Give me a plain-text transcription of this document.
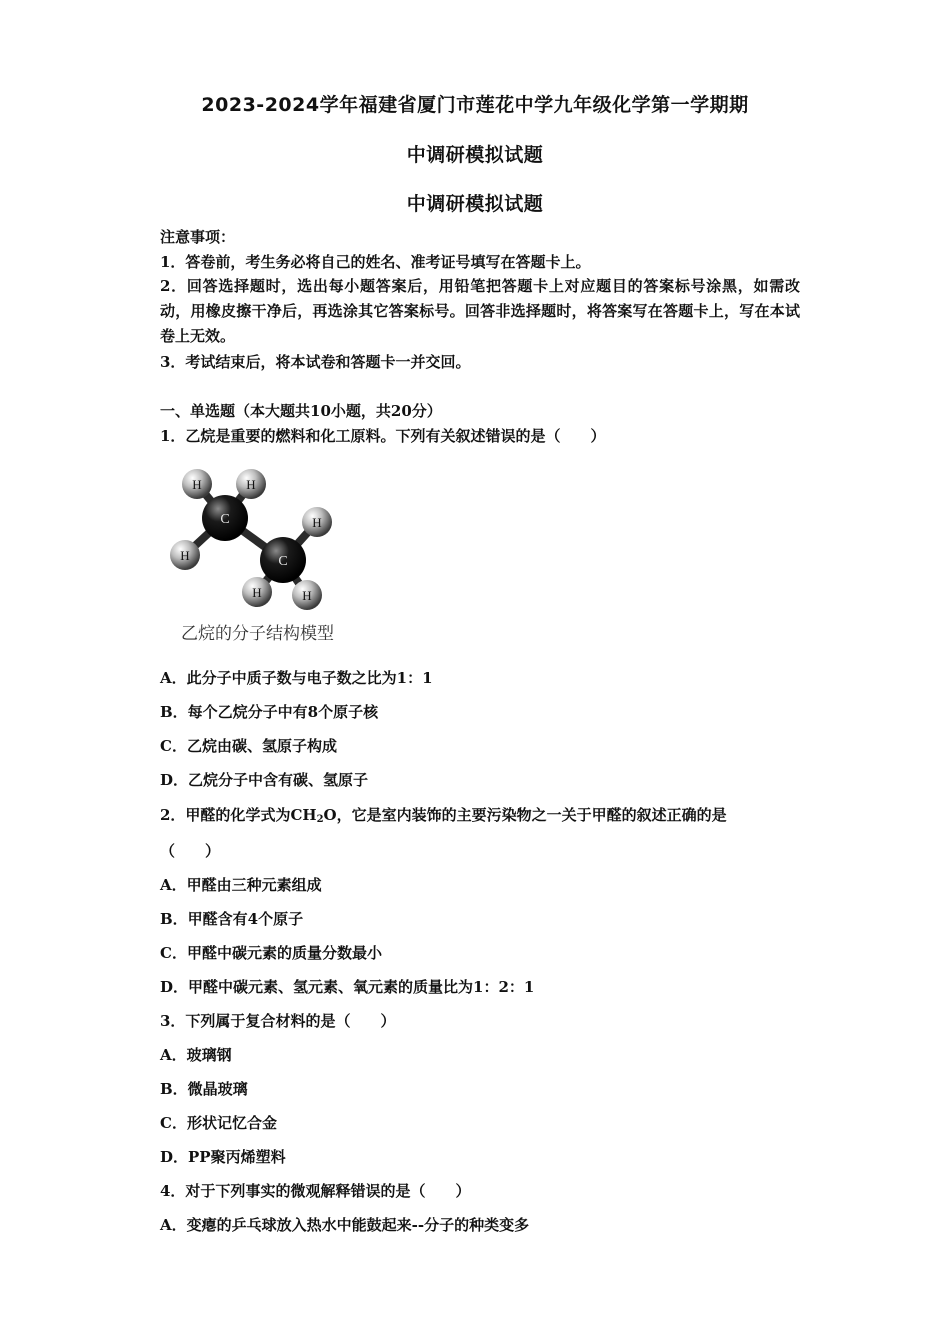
2023-2024学年福建省厦门市莲花中学九年级化学第一学期期
中调研模拟试题
中调研模拟试题
注意事项：
1．答卷前，考生务必将自己的姓名、准考证号填写在答题卡上。
2．回答选择题时，选出每小题答案后，用铅笔把答题卡上对应题目的答案标号涂黑，如需改动，用橡皮擦干净后，再选涂其它答案标号。回答非选择题时，将答案写在答题卡上，写在本试卷上无效。
3．考试结束后，将本试卷和答题卡一并交回。
一、单选题（本大题共10小题，共20分）
1．乙烷是重要的燃料和化工原料。下列有关叙述错误的是（　　）
H	H
H
H
C
C
H	H
乙烷的分子结构模型
A．此分子中质子数与电子数之比为1：1
B．每个乙烷分子中有8个原子核
C．乙烷由碳、氢原子构成
D．乙烷分子中含有碳、氢原子
2．甲醛的化学式为$CH_2O$，它是室内装饰的主要污染物之一关于甲醛的叙述正确的是
（　　）
A．甲醛由三种元素组成
B．甲醛含有4个原子
C．甲醛中碳元素的质量分数最小
D．甲醛中碳元素、氢元素、氧元素的质量比为1：2：1
3．下列属于复合材料的是（　　）
A．玻璃钢
B．微晶玻璃
C．形状记忆合金
D．PP聚丙烯塑料
4．对于下列事实的微观解释错误的是（　　）
A．变瘪的乒乓球放入热水中能鼓起来--分子的种类变多
